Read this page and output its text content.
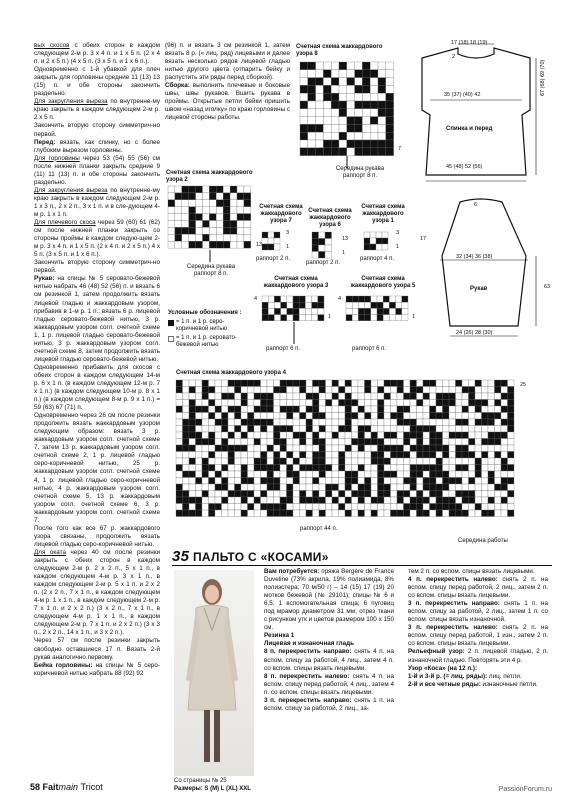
вых скосов с обеих сторон в каждом следующем 2-м р. 3 х 4 п. и 1 х 5 п. (2 х 4 п. и 2 х 5 п.) (4 х 5 п. (3 х 5 п. и 1 х 6 п.).

Одновременно с 1-й убавкой для плеч закрыть для горловины средние 11 (13) 13 (15) п. и обе стороны закончить раздельно.

Для закругления выреза по внутренне-му краю закрыть в каждом следующем 2-м р. 2 х 5 п.

Закончить вторую сторону симметрич-но первой.

Перед: вязать, как спинку, но с более глубоким вырезом горловины.

Для горловины через 53 (54) 55 (56) см после нижней планки закрыть средние 9 (11) 11 (13) п. и обе стороны закончить раздельно.

Для закругления выреза по внутренне-му краю закрыть в каждом следующем 2-м р. 1 х 3 п., 2 х 2 п., 3 х 1 п. и в сле-дующем 4-м р. 1 х 1 п.

Для плечевого скоса через 59 (60) 61 (62) см после нижней планки закрыть со стороны проймы в каждом следую-щем 2-м р. 3 х 4 п. и 1 х 5 п. (2 х 4 п. и 2 х 5 п.) 4 х 5 п. (3 х 5 п. и 1 х 6 п.).

Закончить вторую сторону симметрич-но первой.

Рукав: на спицы № 5 серовато-бежевой нитью набрать 46 (48) 52 (56) п. и вязать 6 см резинкой 1, затем продолжить вязать лицевой гладью и жаккардовым узором, прибавив в 1-м р. 1 п.: вязать 6 р. лицевой гладью серовато-бежевой нитью, 3 р. жаккардовым узором согл. счетной схеме 1, 1 р. лицевой гладью серовато-бежевой нитью, 3 р. жаккардовым узором согл. счетной схеме 8, затем продолжить вязать лицевой гладью серовато-бежевой нитью.

Одновременно прибавить для скосов с обеих сторон в каждом следующем 14-м р. 6 х 1 п. (в каждом следующем 12-м р. 7 х 1 п.) (в каждом следующем 10-м р. 8 х 1 п.) (в каждом следующем 8-м р. 9 х 1 п.) = 59 (63) 67 (71) п.

Одновременно через 26 см после резинки продолжить вязать жаккардовым узором следующим образом: вязать 3 р. жаккардовым узором согл. счетной схеме 7, затем 13 р. жаккардовым узором согл. счетной схеме 2, 1 р. лицевой гладью серо-коричневой нитью, 25 р. жаккардовым узором согл. счетной схеме 4, 1 р. лицевой гладью серо-коричневой нитью, 4 р. жаккардовым узором согл. счетной схеме 5, 13 р. жаккардовым узором согл. счетной схеме 6, 3 р. жаккардовым узором согл. счетной схеме 7.

После того как все 67 р. жаккардового узора связаны, продолжить вязать лицевой гладью серо-коричневой нитью.

Для оката через 40 см после резинки закрыть с обеих сторон в каждом следующем 2-м р. 2 х 2 п., 5 х 1 п., в каждом следующем 4-м р. 3 х 1 п., в каждом следующем 2-м р. 5 х 1 п. и 2 х 2 п. (2 х 2 п., 7 х 1 п., в каждом следующем 4-м р. 1 х 1 п., в каждом следующем 2-м р. 7 х 1 п. и 2 х 2 п.) (3 х 2 п., 7 х 1 п., в следующем 4-м р. 1 х 1 п., в каждом следующем 2-м р. 7 х 1 п. и 2 х 2 п.) (3 х 3 п., 2 х 2 п., 14 х 1 п., и 3 х 2 п.).

Через 57 см после резинки закрыть свободно оставшиеся 17 п. Вязать 2-й рукав аналогично первому.

Бейка горловины: на спицы № 5 серо-коричневой нитью набрать 88 (92) 92

(96) п. и вязать 3 см резинкой 1, затем вязать 8 р. (« лиц. ряд) лицевыми и далее вязать несколько рядов лицевой гладью нитью другого цвета (отпарить бейку и распустить эти ряды перед сборкой).

Сборка: выполнить плечевые и боковые швы, швы рукавов. Вшить рукава в проймы. Открытые петли бейки пришить швом «назад иголку» по краю горловины с лицевой стороны работы.

Счетная схема жаккардового узора 8
7
Середина рукава раппорт 8 п.
17 (18) 18 (19)
2
35 (37) (40) 42
Спинка и перед
45 (48) 52 (56)
67 (68) 69 (70)
6
32 (34) 36 (38)
Рукав
24 (26) 28 (30)
63
17
Счетная схема жаккардового узора 2
13
Середина рукава раппорт 8 п.
Счетная схема жаккардового узора 7
3
1
раппорт 2 п.
Счетная схема жаккардового узора 6
13
1
раппорт 2 п.
Счетная схема жаккардового узора 1
3
1
раппорт 4 п.
Счетная схема жаккардового узора 3
4
1
раппорт 6 п.
Счетная схема жаккардового узора 5
4
1
раппорт 6 п.
Условные обозначения :
= 1 п. и 1 р. серо-коричневой нитью
= 1 п. и 1 р. серовато-бежевой нитью
Счетная схема жаккардового узора 4
25
раппорт 44 п.
Середина работы
35 ПАЛЬТО С «КОСАМИ»
Со страницы № 25
Размеры: S (M) L (XL) XXL

Вам потребуется: пряжа Bergère de France Duveline (73% акрила, 19% полиамида, 8% полиэстера; 70 м/50 г) – 14 (15) 17 (19) 20 мотков бежевой (№ 29101); спицы № 6 и 6,5; 1 вспомогательная спица; 6 пуговиц под мрамор диаметром 31 мм; отрез ткани с рисунком утк и цветов размером 100 х 150 см.

Резинка 1

Лицевая и изнаночная гладь

8 п. перекрестить направо: снять 4 п. на вспом. спицу за работой, 4 лиц., затем 4 п. со вспом. спицы вязать лицевыми.

8 п. перекрестить налево: снять 4 п. на вспом. спицу перед работой, 4 лиц., затем 4 п. со вспом. спицы вязать лицевыми.

3 п. перекрестить направо: снять 1 п. на вспом. спицу за работой, 2 лиц., за-

тем 2 п. со вспом. спицы вязать лицевыми.

4 п. перекрестить налево: снять 2 п. на вспом. спицу перед работой, 2 лиц., затем 2 п. со вспом. спицы вязать лицевыми.

3 п. перекрестить направо: снять 1 п. на вспом. спицу за работой, 2 лиц., затем 1 п. со вспом. спицы вязать изнаночной.

3 п. перекрестить налево: снять 2 п. на вспом. спицу перед работой, 1 изн., затем 2 п. со вспом. спицы вязать лицевыми.

Рельефный узор: 2 п. лицевой гладью, 2 п. изнаночной гладью. Повторять эти 4 р.

Узор «Коса» (на 12 п.):

1-й и 3-й р. (= лиц. ряды): лиц. петли.

2-й и все четные ряды: изнаночные петли.

58 Faitmain Tricot	PassionForum.ru
